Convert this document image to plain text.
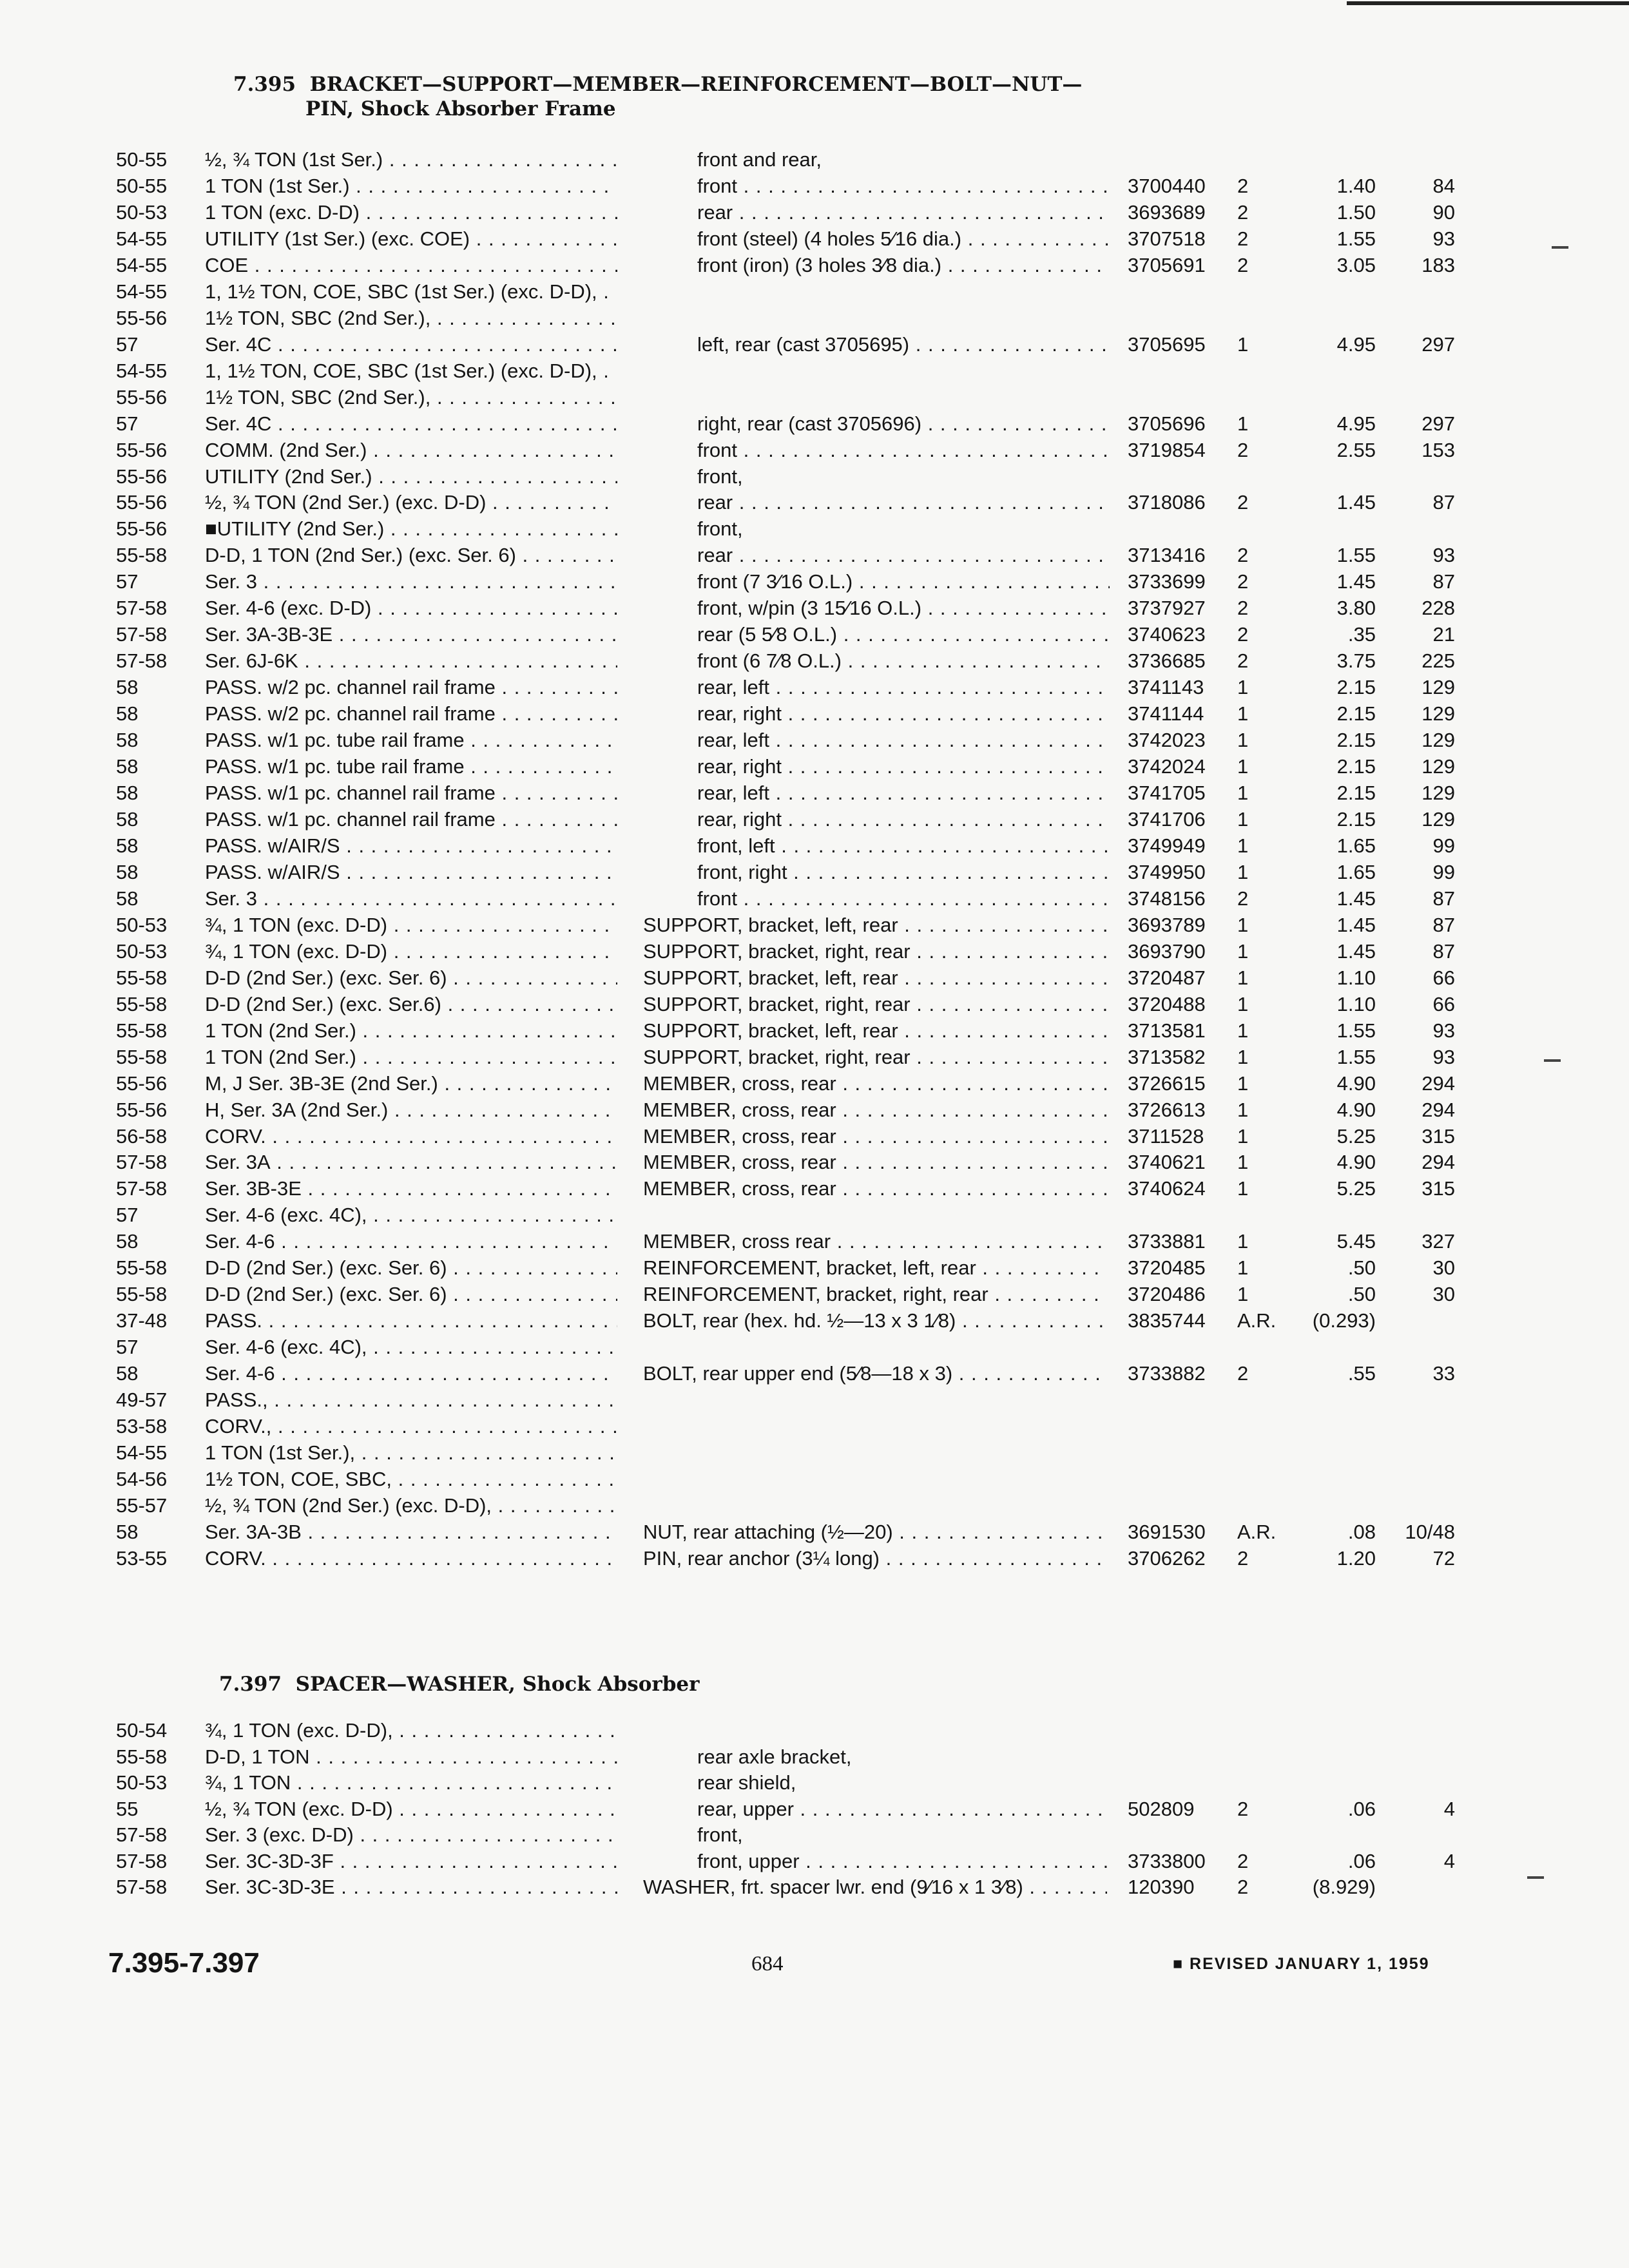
7.395 BRACKET—SUPPORT—MEMBER—REINFORCEMENT—BOLT—NUT—
PIN, Shock Absorber Frame
7.397 SPACER—WASHER, Shock Absorber
50-55	½, ¾ TON (1st Ser.) . . .	front and rear,
50-55	1 TON (1st Ser.) . . .	front . . .	3700440	2	1.40	84
50-53	1 TON (exc. D-D) . . .	rear . . .	3693689	2	1.50	90
54-55	UTILITY (1st Ser.) (exc. COE) . . .	front (steel) (4 holes 5⁄16 dia.) . . .	3707518	2	1.55	93
54-55	COE . . .	front (iron) (3 holes 3⁄8 dia.) . . .	3705691	2	3.05	183
54-55	1, 1½ TON, COE, SBC (1st Ser.) (exc. D-D), . . .
55-56	1½ TON, SBC (2nd Ser.), . . .
57	Ser. 4C . . .	left, rear (cast 3705695) . . .	3705695	1	4.95	297
54-55	1, 1½ TON, COE, SBC (1st Ser.) (exc. D-D), . . .
55-56	1½ TON, SBC (2nd Ser.), . . .
57	Ser. 4C . . .	right, rear (cast 3705696) . . .	3705696	1	4.95	297
55-56	COMM. (2nd Ser.) . . .	front . . .	3719854	2	2.55	153
55-56	UTILITY (2nd Ser.) . . .	front,
55-56	½, ¾ TON (2nd Ser.) (exc. D-D) . . .	rear . . .	3718086	2	1.45	87
55-56	■UTILITY (2nd Ser.) . . .	front,
55-58	D-D, 1 TON (2nd Ser.) (exc. Ser. 6) . . .	rear . . .	3713416	2	1.55	93
57	Ser. 3 . . .	front (7 3⁄16 O.L.) . . .	3733699	2	1.45	87
57-58	Ser. 4-6 (exc. D-D) . . .	front, w/pin (3 15⁄16 O.L.) . . .	3737927	2	3.80	228
57-58	Ser. 3A-3B-3E . . .	rear (5 5⁄8 O.L.) . . .	3740623	2	.35	21
57-58	Ser. 6J-6K . . .	front (6 7⁄8 O.L.) . . .	3736685	2	3.75	225
58	PASS. w/2 pc. channel rail frame . . .	rear, left . . .	3741143	1	2.15	129
58	PASS. w/2 pc. channel rail frame . . .	rear, right . . .	3741144	1	2.15	129
58	PASS. w/1 pc. tube rail frame . . .	rear, left . . .	3742023	1	2.15	129
58	PASS. w/1 pc. tube rail frame . . .	rear, right . . .	3742024	1	2.15	129
58	PASS. w/1 pc. channel rail frame . . .	rear, left . . .	3741705	1	2.15	129
58	PASS. w/1 pc. channel rail frame . . .	rear, right . . .	3741706	1	2.15	129
58	PASS. w/AIR/S . . .	front, left . . .	3749949	1	1.65	99
58	PASS. w/AIR/S . . .	front, right . . .	3749950	1	1.65	99
58	Ser. 3 . . .	front . . .	3748156	2	1.45	87
50-53	¾, 1 TON (exc. D-D) . . .	SUPPORT, bracket, left, rear . . .	3693789	1	1.45	87
50-53	¾, 1 TON (exc. D-D) . . .	SUPPORT, bracket, right, rear . . .	3693790	1	1.45	87
55-58	D-D (2nd Ser.) (exc. Ser. 6) . . .	SUPPORT, bracket, left, rear . . .	3720487	1	1.10	66
55-58	D-D (2nd Ser.) (exc. Ser.6) . . .	SUPPORT, bracket, right, rear . . .	3720488	1	1.10	66
55-58	1 TON (2nd Ser.) . . .	SUPPORT, bracket, left, rear . . .	3713581	1	1.55	93
55-58	1 TON (2nd Ser.) . . .	SUPPORT, bracket, right, rear . . .	3713582	1	1.55	93
55-56	M, J Ser. 3B-3E (2nd Ser.) . . .	MEMBER, cross, rear . . .	3726615	1	4.90	294
55-56	H, Ser. 3A (2nd Ser.) . . .	MEMBER, cross, rear . . .	3726613	1	4.90	294
56-58	CORV. . . .	MEMBER, cross, rear . . .	3711528	1	5.25	315
57-58	Ser. 3A . . .	MEMBER, cross, rear . . .	3740621	1	4.90	294
57-58	Ser. 3B-3E . . .	MEMBER, cross, rear . . .	3740624	1	5.25	315
57	Ser. 4-6 (exc. 4C), . . .
58	Ser. 4-6 . . .	MEMBER, cross rear . . .	3733881	1	5.45	327
55-58	D-D (2nd Ser.) (exc. Ser. 6) . . .	REINFORCEMENT, bracket, left, rear . . .	3720485	1	.50	30
55-58	D-D (2nd Ser.) (exc. Ser. 6) . . .	REINFORCEMENT, bracket, right, rear . . .	3720486	1	.50	30
37-48	PASS. . . .	BOLT, rear (hex. hd. ½—13 x 3 1⁄8) . . .	3835744	A.R.	(0.293)
57	Ser. 4-6 (exc. 4C), . . .
58	Ser. 4-6 . . .	BOLT, rear upper end (5⁄8—18 x 3) . . .	3733882	2	.55	33
49-57	PASS., . . .
53-58	CORV., . . .
54-55	1 TON (1st Ser.), . . .
54-56	1½ TON, COE, SBC, . . .
55-57	½, ¾ TON (2nd Ser.) (exc. D-D), . . .
58	Ser. 3A-3B . . .	NUT, rear attaching (½—20) . . .	3691530	A.R.	.08	10/48
53-55	CORV. . . .	PIN, rear anchor (3¼ long) . . .	3706262	2	1.20	72
50-54	¾, 1 TON (exc. D-D), . . .
55-58	D-D, 1 TON . . .	rear axle bracket,
50-53	¾, 1 TON . . .	rear shield,
55	½, ¾ TON (exc. D-D) . . .	rear, upper . . .	502809	2	.06	4
57-58	Ser. 3 (exc. D-D) . . .	front,
57-58	Ser. 3C-3D-3F . . .	front, upper . . .	3733800	2	.06	4
57-58	Ser. 3C-3D-3E . . .	WASHER, frt. spacer lwr. end (9⁄16 x 1 3⁄8) . . .	120390	2	(8.929)
7.395-7.397	684	■ REVISED JANUARY 1, 1959
